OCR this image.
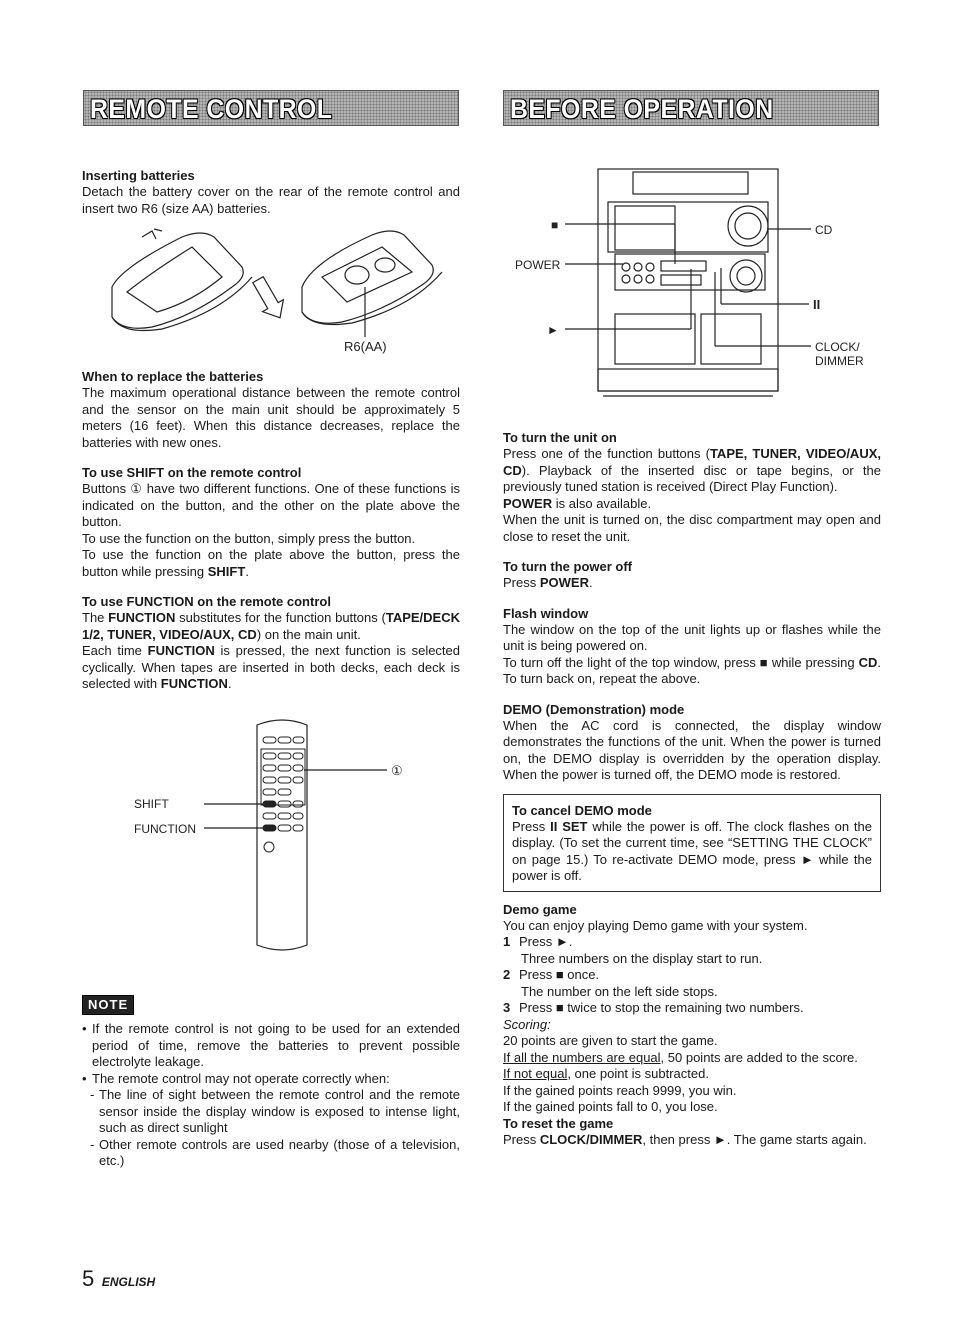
REMOTE CONTROL	BEFORE OPERATION
Inserting batteries

Detach the battery cover on the rear of the remote control and insert two R6 (size AA) batteries.

R6(AA)
When to replace the batteries

The maximum operational distance between the remote control and the sensor on the main unit should be approximately 5 meters (16 feet). When this distance decreases, replace the batteries with new ones.

To use SHIFT on the remote control

Buttons ① have two different functions. One of these functions is indicated on the button, and the other on the plate above the button.

To use the function on the button, simply press the button.

To use the function on the plate above the button, press the button while pressing SHIFT.

To use FUNCTION on the remote control

The FUNCTION substitutes for the function buttons (TAPE/DECK 1/2, TUNER, VIDEO/AUX, CD) on the main unit.

Each time FUNCTION is pressed, the next function is selected cyclically. When tapes are inserted in both decks, each deck is selected with FUNCTION.

①
SHIFT
FUNCTION
NOTE
• If the remote control is not going to be used for an extended period of time, remove the batteries to prevent possible electrolyte leakage.
• The remote control may not operate correctly when:
- The line of sight between the remote control and the remote sensor inside the display window is exposed to intense light, such as direct sunlight
- Other remote controls are used nearby (those of a television, etc.)
■
POWER
CD
II
►
CLOCK/
DIMMER
To turn the unit on

Press one of the function buttons (TAPE, TUNER, VIDEO/AUX, CD). Playback of the inserted disc or tape begins, or the previously tuned station is received (Direct Play Function).

POWER is also available.

When the unit is turned on, the disc compartment may open and close to reset the unit.

To turn the power off

Press POWER.

Flash window

The window on the top of the unit lights up or flashes while the unit is being powered on.

To turn off the light of the top window, press ■ while pressing CD. To turn back on, repeat the above.

DEMO (Demonstration) mode

When the AC cord is connected, the display window demonstrates the functions of the unit. When the power is turned on, the DEMO display is overridden by the operation display. When the power is turned off, the DEMO mode is restored.

To cancel DEMO mode

Press II SET while the power is off. The clock flashes on the display. (To set the current time, see “SETTING THE CLOCK” on page 15.) To re-activate DEMO mode, press ► while the power is off.

Demo game

You can enjoy playing Demo game with your system.

1 Press ►.
Three numbers on the display start to run.
2 Press ■ once.
The number on the left side stops.
3 Press ■ twice to stop the remaining two numbers.

Scoring:

20 points are given to start the game.

If all the numbers are equal, 50 points are added to the score.

If not equal, one point is subtracted.

If the gained points reach 9999, you win.

If the gained points fall to 0, you lose.

To reset the game

Press CLOCK/DIMMER, then press ►. The game starts again.

5 ENGLISH
